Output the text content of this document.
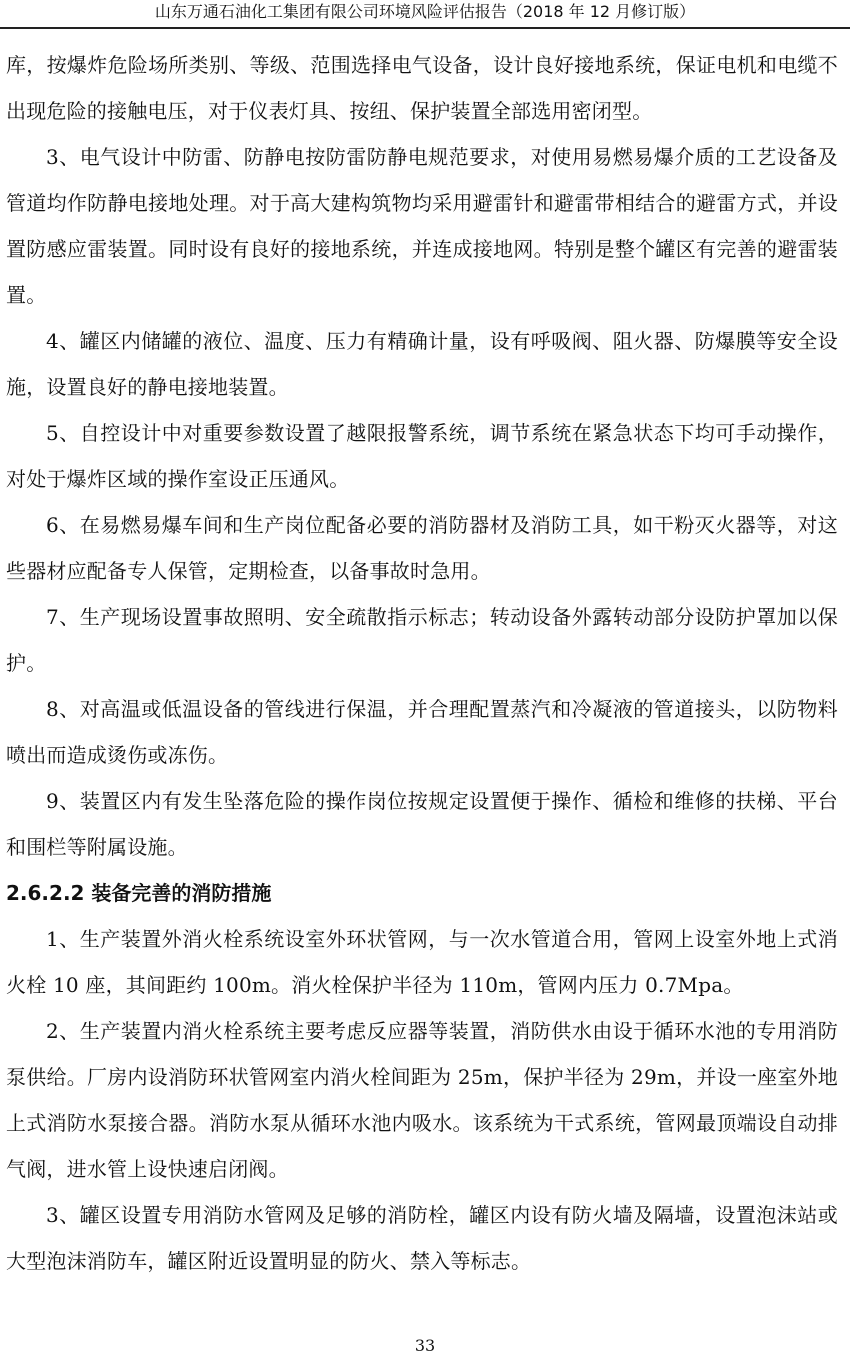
山东万通石油化工集团有限公司环境风险评估报告（2018 年 12 月修订版）

库，按爆炸危险场所类别、等级、范围选择电气设备，设计良好接地系统，保证电机和电缆不出现危险的接触电压，对于仪表灯具、按纽、保护装置全部选用密闭型。

3、电气设计中防雷、防静电按防雷防静电规范要求，对使用易燃易爆介质的工艺设备及管道均作防静电接地处理。对于高大建构筑物均采用避雷针和避雷带相结合的避雷方式，并设置防感应雷装置。同时设有良好的接地系统，并连成接地网。特别是整个罐区有完善的避雷装置。

4、罐区内储罐的液位、温度、压力有精确计量，设有呼吸阀、阻火器、防爆膜等安全设施，设置良好的静电接地装置。

5、自控设计中对重要参数设置了越限报警系统，调节系统在紧急状态下均可手动操作，对处于爆炸区域的操作室设正压通风。

6、在易燃易爆车间和生产岗位配备必要的消防器材及消防工具，如干粉灭火器等，对这些器材应配备专人保管，定期检查，以备事故时急用。

7、生产现场设置事故照明、安全疏散指示标志；转动设备外露转动部分设防护罩加以保护。

8、对高温或低温设备的管线进行保温，并合理配置蒸汽和冷凝液的管道接头，以防物料喷出而造成烫伤或冻伤。

9、装置区内有发生坠落危险的操作岗位按规定设置便于操作、循检和维修的扶梯、平台和围栏等附属设施。

2.6.2.2 装备完善的消防措施

1、生产装置外消火栓系统设室外环状管网，与一次水管道合用，管网上设室外地上式消火栓 10 座，其间距约 100m。消火栓保护半径为 110m，管网内压力 0.7Mpa。

2、生产装置内消火栓系统主要考虑反应器等装置，消防供水由设于循环水池的专用消防泵供给。厂房内设消防环状管网室内消火栓间距为 25m，保护半径为 29m，并设一座室外地上式消防水泵接合器。消防水泵从循环水池内吸水。该系统为干式系统，管网最顶端设自动排气阀，进水管上设快速启闭阀。

3、罐区设置专用消防水管网及足够的消防栓，罐区内设有防火墙及隔墙，设置泡沫站或大型泡沫消防车，罐区附近设置明显的防火、禁入等标志。

33
